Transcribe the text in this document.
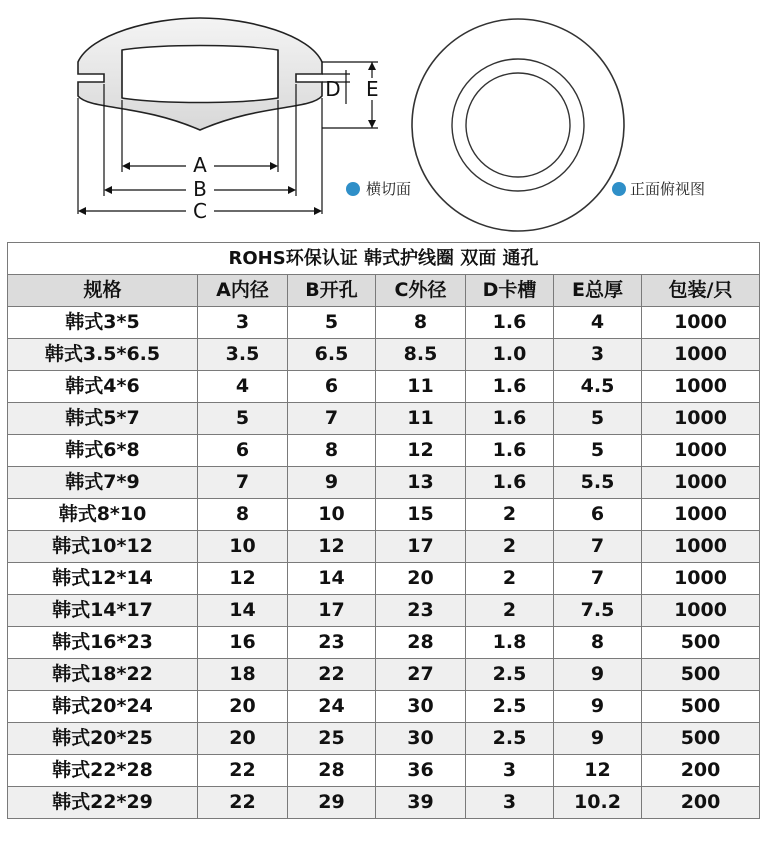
A
B
C
D E
横切面	正面俯视图
ROHS环保认证 韩式护线圈 双面 通孔						
规格	A内径	B开孔	C外径	D卡槽	E总厚	包装/只
韩式3*5	3	5	8	1.6	4	1000
韩式3.5*6.5	3.5	6.5	8.5	1.0	3	1000
韩式4*6	4	6	11	1.6	4.5	1000
韩式5*7	5	7	11	1.6	5	1000
韩式6*8	6	8	12	1.6	5	1000
韩式7*9	7	9	13	1.6	5.5	1000
韩式8*10	8	10	15	2	6	1000
韩式10*12	10	12	17	2	7	1000
韩式12*14	12	14	20	2	7	1000
韩式14*17	14	17	23	2	7.5	1000
韩式16*23	16	23	28	1.8	8	500
韩式18*22	18	22	27	2.5	9	500
韩式20*24	20	24	30	2.5	9	500
韩式20*25	20	25	30	2.5	9	500
韩式22*28	22	28	36	3	12	200
韩式22*29	22	29	39	3	10.2	200
